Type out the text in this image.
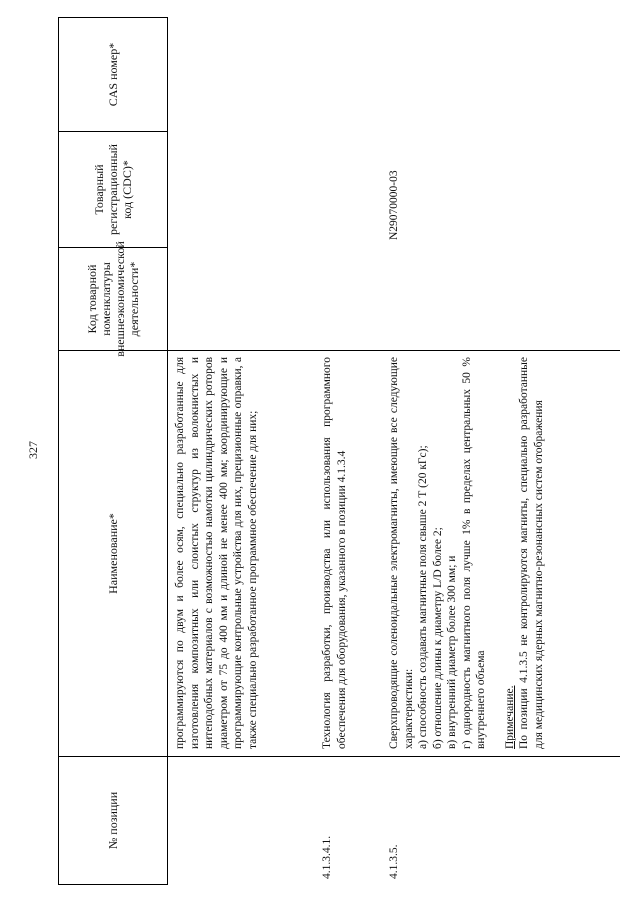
327
№ позиции
Наименование*
Код товарной номенклатуры внешнеэкономической деятельности*
Товарный регистрационный код (CDC)*
CAS номер*
программируются по двум и более осям, специально разработанные для изготовления композитных или слоистых структур из волокнистых и нитеподобных материалов с возможностью намотки цилиндрических роторов диаметром от 75 до 400 мм и длиной не менее 400 мм; координирующие и программирующие контрольные устройства для них, прецизионные оправки, а также специально разработанное программное обеспечение для них;
4.1.3.4.1.
Технология разработки, производства или использования программного обеспечения для оборудования, указанного в позиции 4.1.3.4
4.1.3.5.

Сверхпроводящие соленоидальные электромагниты, имеющие все следующие характеристики: а) способность создавать магнитные поля свыше 2 Т (20 кГс); б) отношение длины к диаметру L/D более 2; в) внутренний диаметр более 300 мм; и г) однородность магнитного поля лучше 1% в пределах центральных 50 % внутреннего объема Примечание. По позиции 4.1.3.5 не контролируются магниты, специально разработанные для медицинских ядерных магнитно-резонансных систем отображения

N29070000-03
